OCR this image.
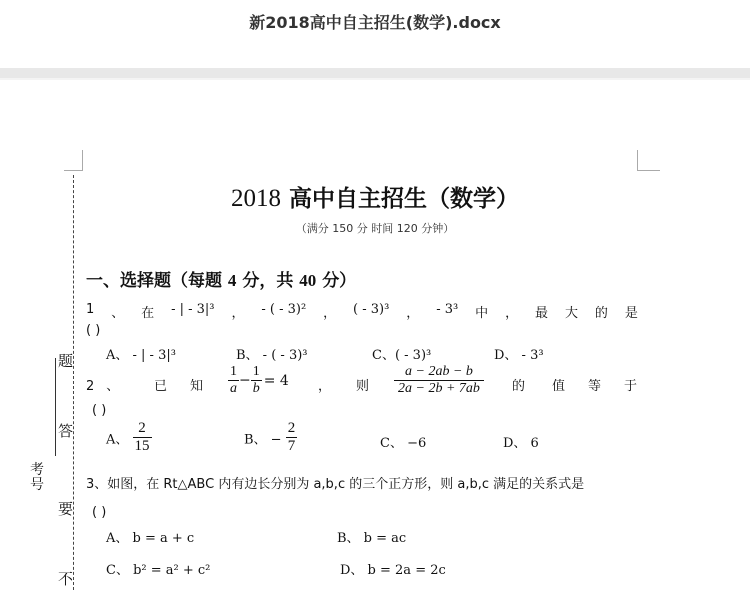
新2018高中自主招生(数学).docx
题
答
要
不
考号
2018 高中自主招生（数学）
（满分 150 分 时间 120 分钟）
一、选择题（每题 4 分，共 40 分）
1 、 在 - | - 3|³ ， - ( - 3)² ， ( - 3)³ ， - 3³ 中 ， 最 大 的 是
( )
A、 - | - 3|³	B、 - ( - 3)³	C、( - 3)³	D、 - 3³
2 、	已 知 $\frac{1}{a} - \frac{1}{b} = 4$ ， 则 $\frac{a - 2ab - b}{2a - 2b + 7ab}$ 的 值 等 于
( )
A、 $\frac{2}{15}$	B、 − $\frac{2}{7}$	C、 −6	D、 6
3、如图，在 Rt△ABC 内有边长分别为 a,b,c 的三个正方形，则 a,b,c 满足的关系式是
( )
A、 b = a + c	B、 b = ac
C、 b² = a² + c²	D、 b = 2a = 2c
